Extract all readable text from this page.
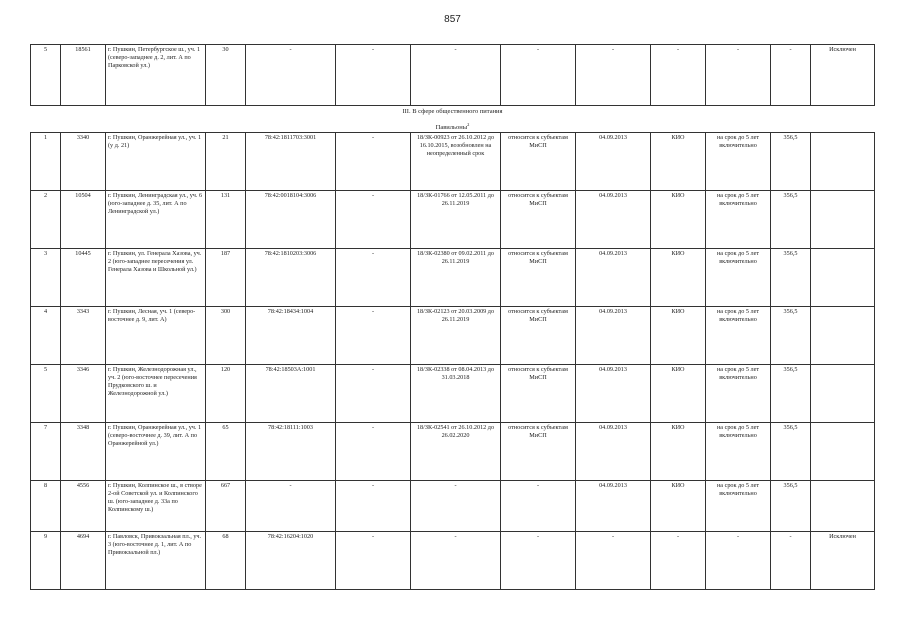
857
5	18561	г. Пушкин, Петербургское ш., уч. 1 (северо-западнее д. 2, лит. А по Парковской ул.)	30	-	-	-	-	-	-	-	-	Исключен
III. В сфере общественного питания												
Павильоны$^2$
1	3340	г. Пушкин, Оранжерейная ул., уч. 1 (у д. 21)	21	78:42:1811703:3001	-	18/ЗК-00923 от 26.10.2012 до 16.10.2015, возобновлен на неопределенный срок	относится к субъектам МиСП	04.09.2013	КИО	на срок до 5 лет включительно	356,5	
2	10504	г. Пушкин, Ленинградская ул., уч. 6 (юго-западнее д. 35, лит. А по Ленинградской ул.)	131	78:42:0018104:3006	-	18/ЗК-01766 от 12.05.2011 до 26.11.2019	относится к субъектам МиСП	04.09.2013	КИО	на срок до 5 лет включительно	356,5	
3	10445	г. Пушкин, ул. Генерала Хазова, уч. 2 (юго-западнее пересечения ул. Генерала Хазова и Школьной ул.)	187	78:42:1810203:3006	-	18/ЗК-02380 от 09.02.2011 до 26.11.2019	относится к субъектам МиСП	04.09.2013	КИО	на срок до 5 лет включительно	356,5	
4	3343	г. Пушкин, Лесная, уч. 1 (северо-восточнее д. 9, лит. А)	300	78:42:18434:1004	-	18/ЗК-02123 от 20.03.2009 до 26.11.2019	относится к субъектам МиСП	04.09.2013	КИО	на срок до 5 лет включительно	356,5	
5	3346	г. Пушкин, Железнодорожная ул., уч. 2 (юго-восточнее пересечения Прудковского ш. и Железнодорожной ул.)	120	78:42:18503А:1001	-	18/ЗК-02338 от 08.04.2013 до 31.03.2018	относится к субъектам МиСП	04.09.2013	КИО	на срок до 5 лет включительно	356,5	
7	3348	г. Пушкин, Оранжерейная ул., уч. 1 (северо-восточнее д. 39, лит. А по Оранжерейной ул.)	65	78:42:18111:1003	-	18/ЗК-02541 от 26.10.2012 до 26.02.2020	относится к субъектам МиСП	04.09.2013	КИО	на срок до 5 лет включительно	356,5	
8	4556	г. Пушкин, Колпинское ш., в створе 2-ой Советской ул. и Колпинского ш. (юго-западнее д. 33а по Колпинскому ш.)	667	-	-	-	-	04.09.2013	КИО	на срок до 5 лет включительно	356,5	
9	4694	г. Павловск, Привокзальная пл., уч. 3 (юго-восточнее д. 1, лит. А по Привокзальной пл.)	68	78:42:16204:1020	-	-	-	-	-	-	-	Исключен
